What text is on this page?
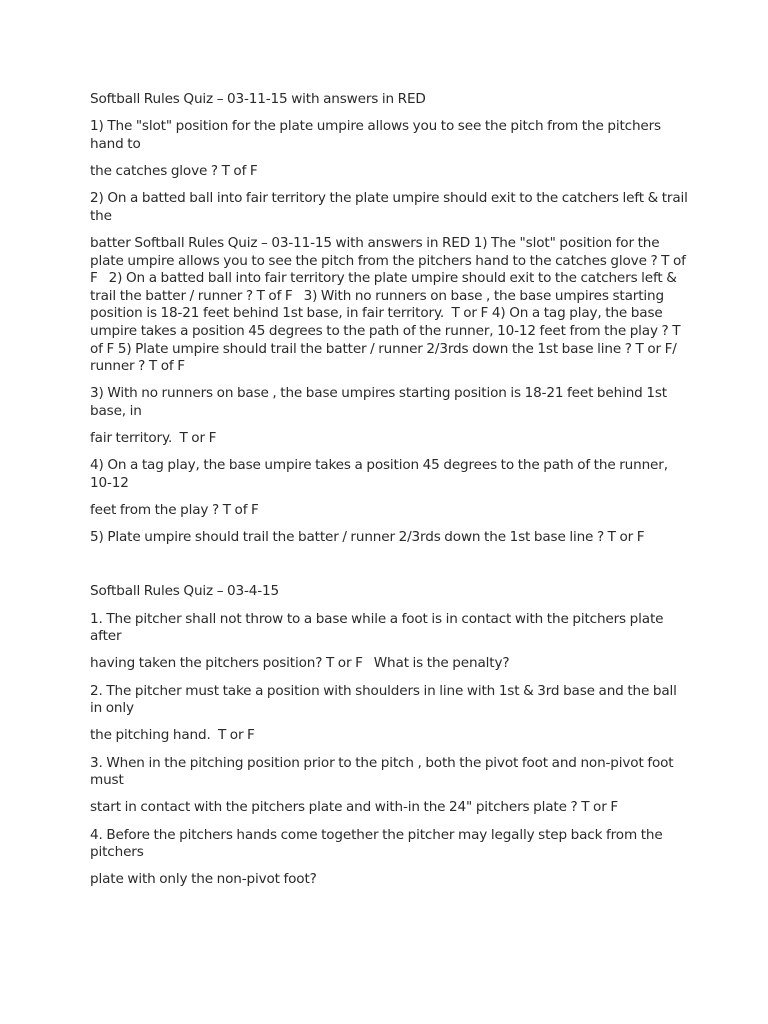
Softball Rules Quiz – 03-11-15 with answers in RED

1) The "slot" position for the plate umpire allows you to see the pitch from the pitchers hand to

the catches glove ? T of F

2) On a batted ball into fair territory the plate umpire should exit to the catchers left & trail the

batter Softball Rules Quiz – 03-11-15 with answers in RED 1) The "slot" position for the plate umpire allows you to see the pitch from the pitchers hand to the catches glove ? T of F   2) On a batted ball into fair territory the plate umpire should exit to the catchers left & trail the batter / runner ? T of F   3) With no runners on base , the base umpires starting position is 18-21 feet behind 1st base, in fair territory.  T or F 4) On a tag play, the base umpire takes a position 45 degrees to the path of the runner, 10-12 feet from the play ? T of F 5) Plate umpire should trail the batter / runner 2/3rds down the 1st base line ? T or F/ runner ? T of F

3) With no runners on base , the base umpires starting position is 18-21 feet behind 1st base, in

fair territory.  T or F

4) On a tag play, the base umpire takes a position 45 degrees to the path of the runner, 10-12

feet from the play ? T of F

5) Plate umpire should trail the batter / runner 2/3rds down the 1st base line ? T or F

Softball Rules Quiz – 03-4-15

1. The pitcher shall not throw to a base while a foot is in contact with the pitchers plate after

having taken the pitchers position? T or F   What is the penalty?

2. The pitcher must take a position with shoulders in line with 1st & 3rd base and the ball in only

the pitching hand.  T or F

3. When in the pitching position prior to the pitch , both the pivot foot and non-pivot foot must

start in contact with the pitchers plate and with-in the 24" pitchers plate ? T or F

4. Before the pitchers hands come together the pitcher may legally step back from the pitchers

plate with only the non-pivot foot?
